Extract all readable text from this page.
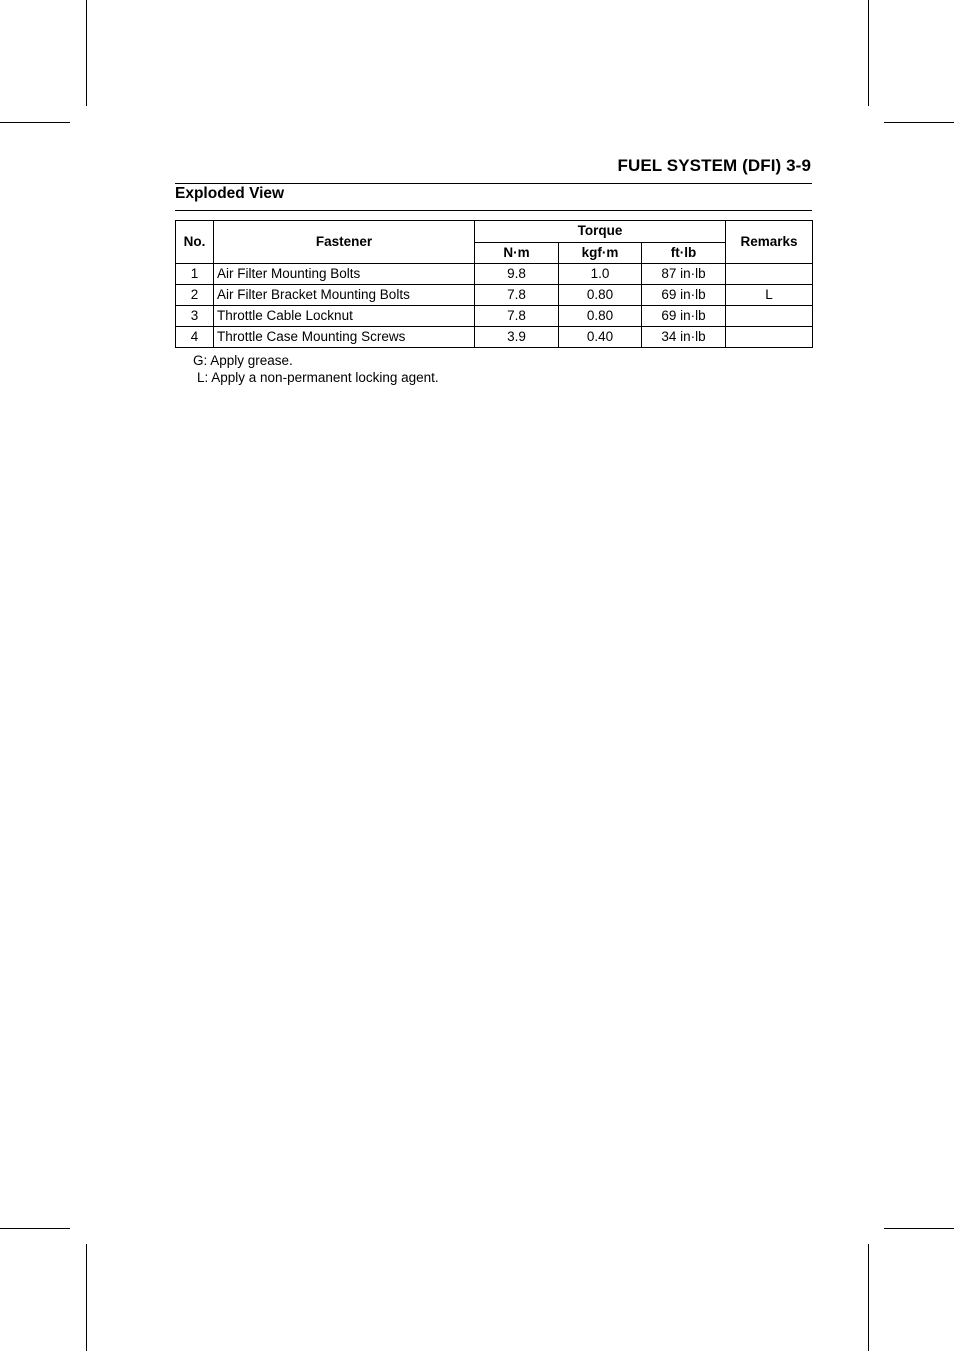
FUEL SYSTEM (DFI) 3-9
Exploded View
No.	Fastener	Torque			Remarks
		N·m	kgf·m	ft·lb	
1	Air Filter Mounting Bolts	9.8	1.0	87 in·lb	
2	Air Filter Bracket Mounting Bolts	7.8	0.80	69 in·lb	L
3	Throttle Cable Locknut	7.8	0.80	69 in·lb	
4	Throttle Case Mounting Screws	3.9	0.40	34 in·lb	
G: Apply grease.
L: Apply a non-permanent locking agent.
